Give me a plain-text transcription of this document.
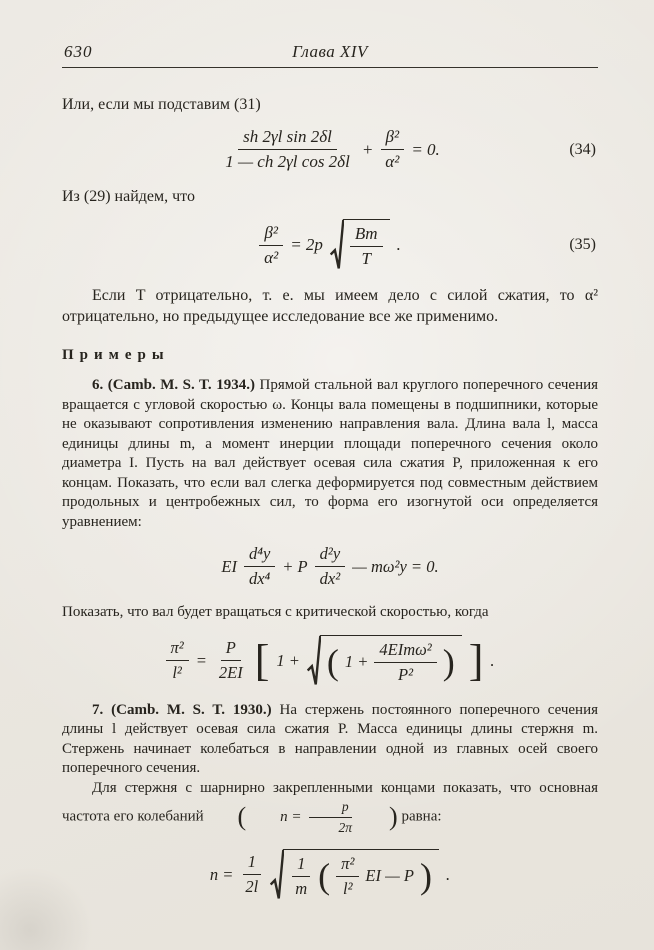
630	Глава XIV

Или, если мы подставим (31)

$\frac{\text{sh 2γl sin 2δl}}{\text{1 — ch 2γl cos 2δl}} + \frac{\text{β²}}{\text{α²}} = 0$.	(34)

Из (29) найдем, что

$\frac{\text{β²}}{\text{α²}} = 2p \frac{Bm}{T}$ .	(35)

Если T отрицательно, т. е. мы имеем дело с силой сжатия, то α² отрицательно, но предыдущее исследование все же применимо.

Примеры

6. (Camb. M. S. T. 1934.) Прямой стальной вал круглого поперечного сечения вращается с угловой скоростью ω. Концы вала помещены в подшипники, которые не оказывают сопротивления изменению направления вала. Длина вала l, масса единицы длины m, а момент инерции площади поперечного сечения около диаметра I. Пусть на вал действует осевая сила сжатия P, приложенная к его концам. Показать, что если вал слегка деформируется под совместным действием продольных и центробежных сил, то форма его изогнутой оси определяется уравнением:

EI $\frac{\text{d⁴y}}{\text{dx⁴}} + P \frac{\text{d²y}}{\text{dx²}}$ — mω²y = 0.

Показать, что вал будет вращаться с критической скоростью, когда

$\frac{\text{π²}}{\text{l²}} = \frac{P}{2EI}$ [ 1 + ( $1 + \frac{\text{4EImω²}}{\text{P²}}$ ) ] .

7. (Camb. M. S. T. 1930.) На стержень постоянного поперечного сечения длины l действует осевая сила сжатия P. Масса единицы длины стержня m. Стержень начинает колебаться в направлении одной из главных осей своего поперечного сечения.

Для стержня с шарнирно закрепленными концами показать, что основная частота его колебаний	(	$n = \frac{p}{2\pi}$	) равна:

$n = \frac{1}{2l} \frac{1}{m}$ ( $\frac{\text{π²}}{\text{l²}}$ EI — P ) .
